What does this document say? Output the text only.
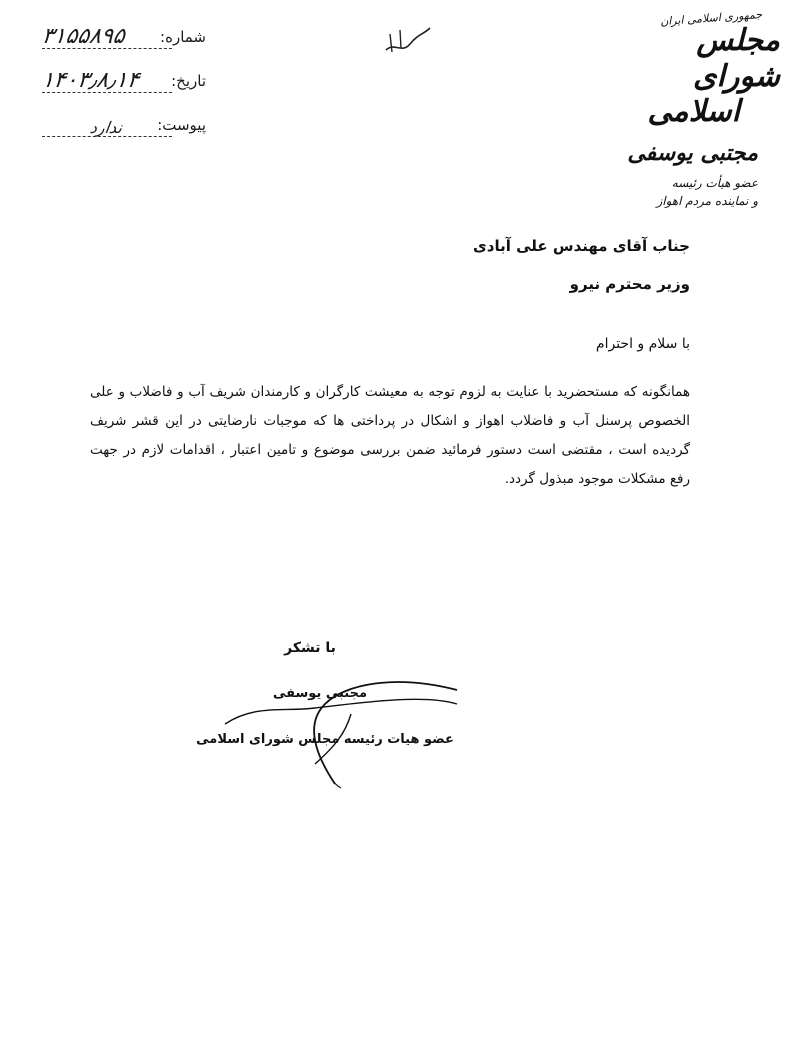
۳۱۵۵۸۹۵ شماره:
۱۴۰۳٫۸٫۱۴ تاریخ:
ندارد پیوست:
جمهوری اسلامی ایران
مجلس شورای
اسلامی
مجتبی یوسفی
عضو هیأت رئیسه
و نماینده مردم اهواز
جناب آقای مهندس علی آبادی
وزیر محترم نیرو
با سلام و احترام
همانگونه که مستحضرید با عنایت به لزوم توجه به معیشت کارگران و کارمندان شریف آب و فاضلاب و علی الخصوص پرسنل آب و فاضلاب اهواز و اشکال در پرداختی ها که موجبات نارضایتی در این قشر شریف گردیده است ، مقتضی است دستور فرمائید ضمن بررسی موضوع و تامین اعتبار ، اقدامات لازم در جهت رفع مشکلات موجود مبذول گردد.
با تشکر
مجتبی یوسفی
عضو هیات رئیسه مجلس شورای اسلامی
